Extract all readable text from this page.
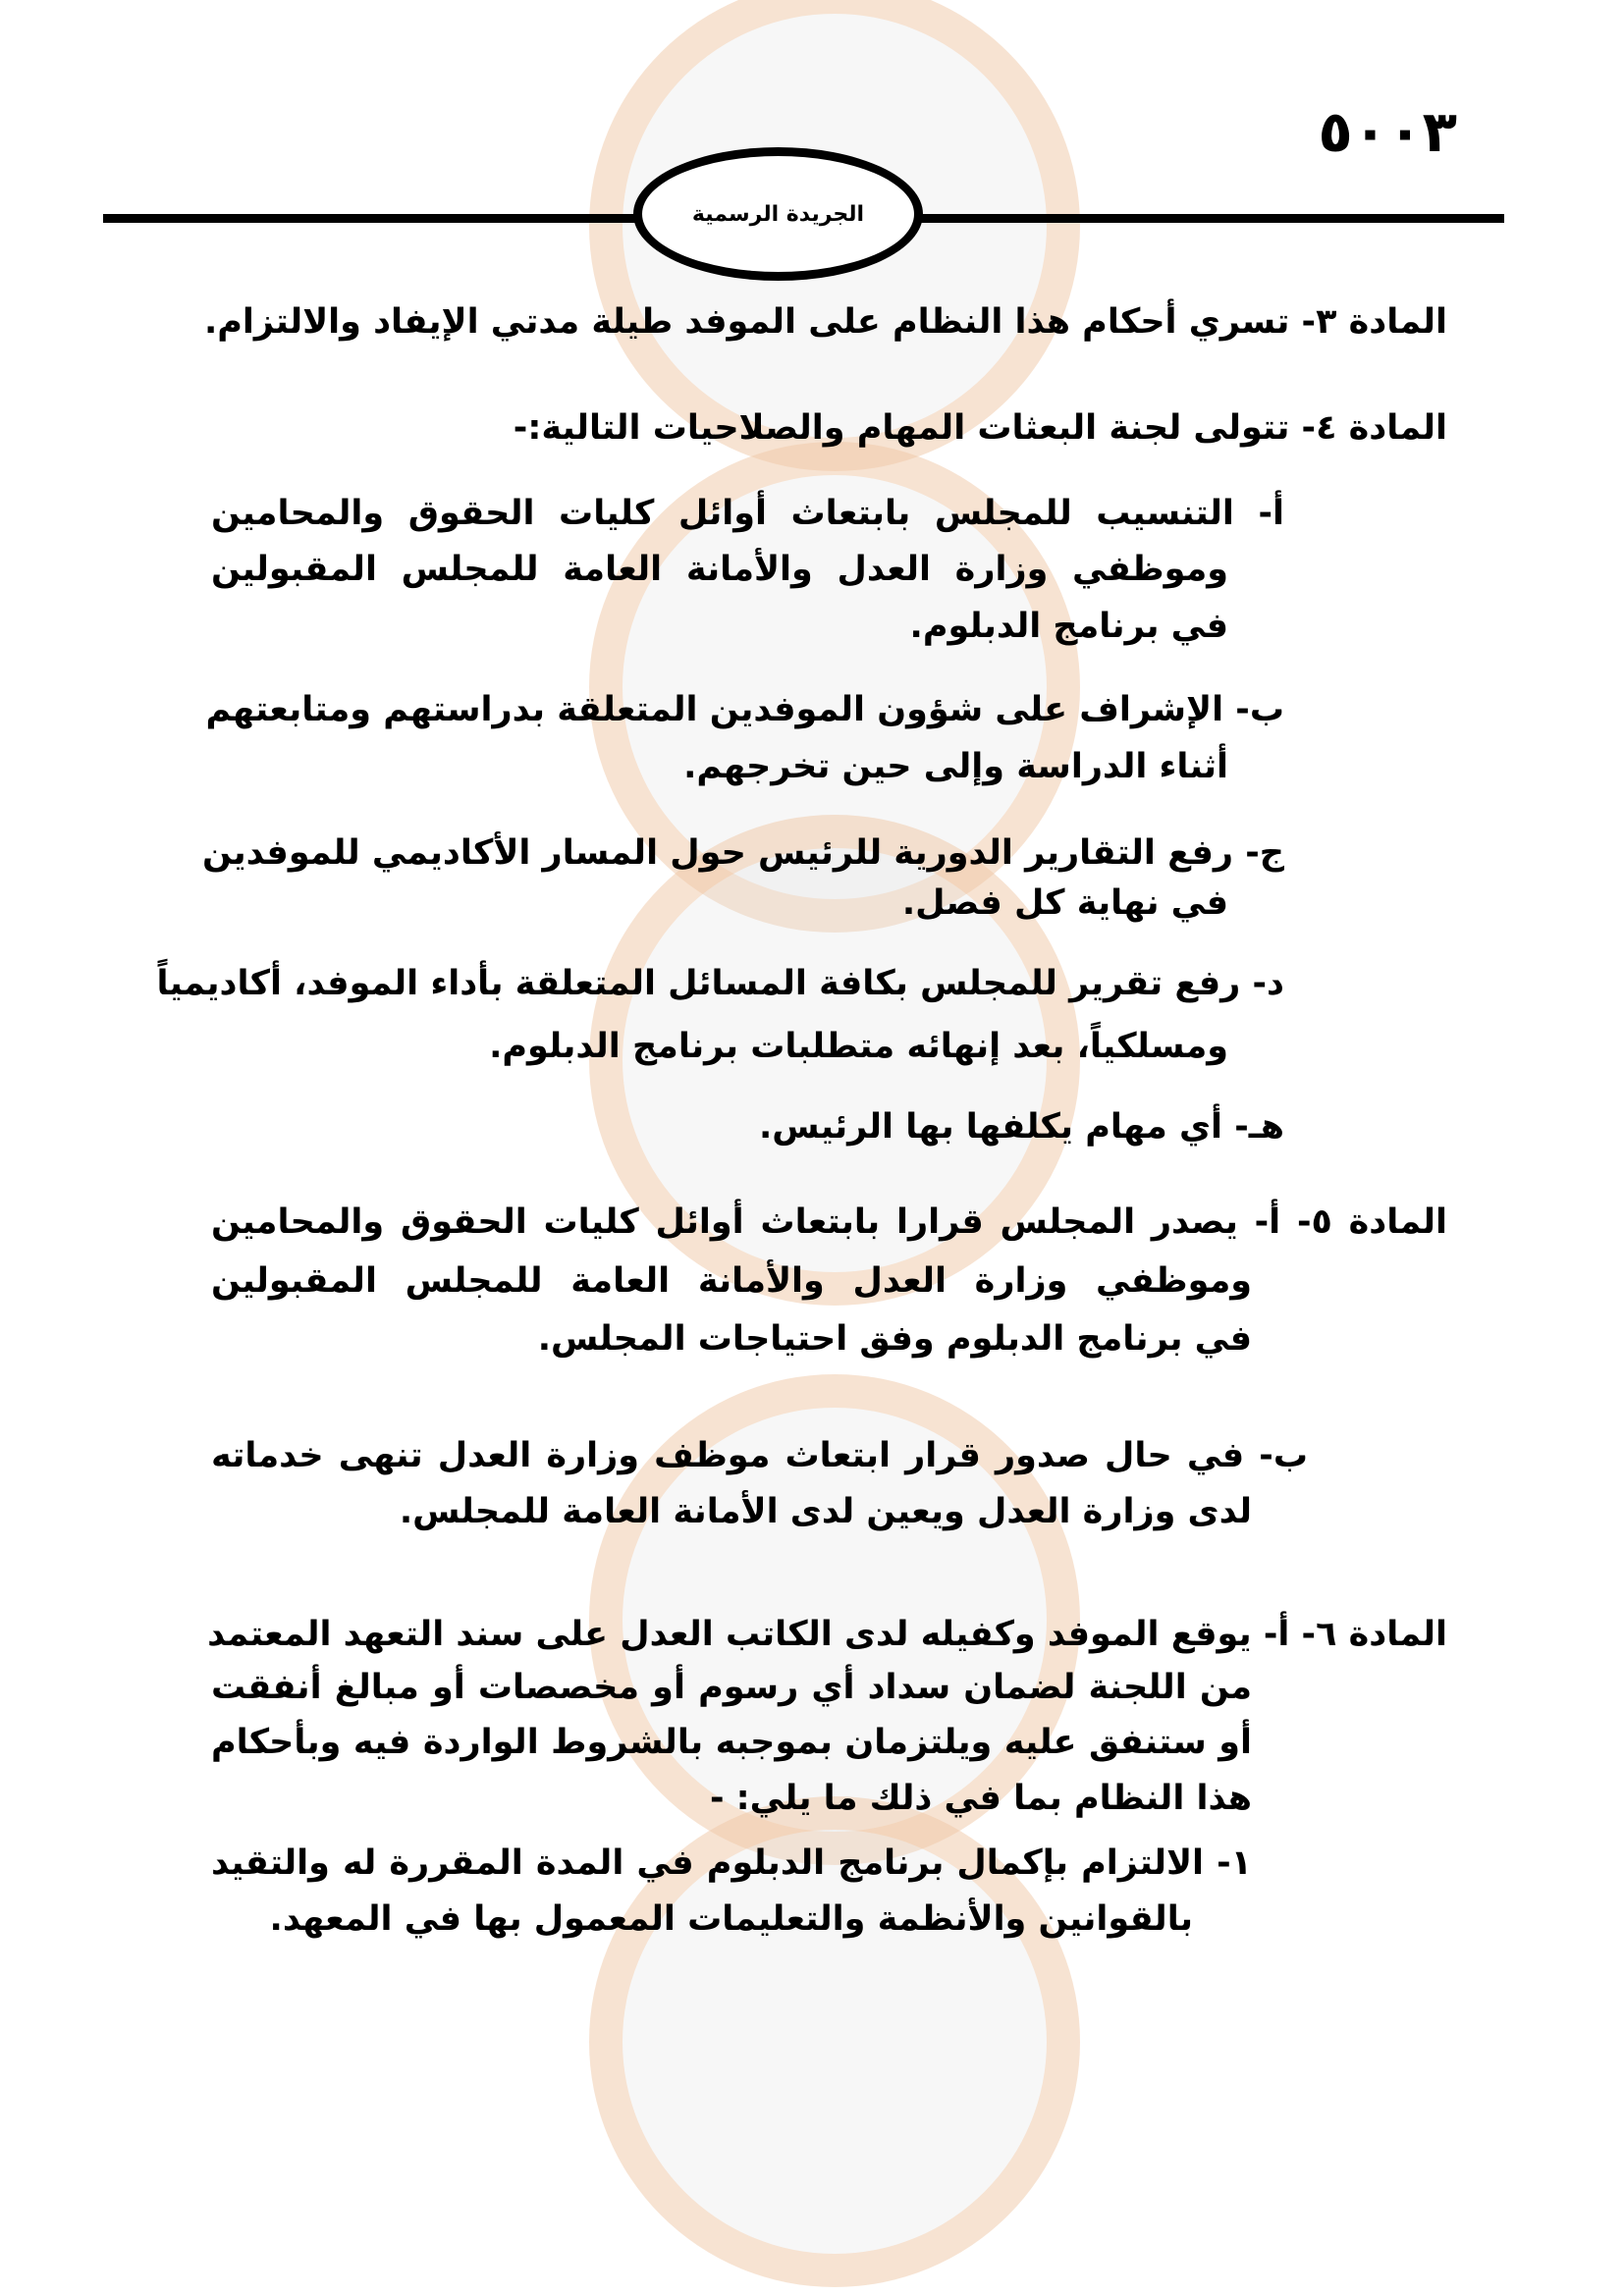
٥٠٠٣
الجريدة الرسمية
المادة ٣- تسري أحكام هذا النظام على الموفد طيلة مدتي الإيفاد والالتزام.
المادة ٤- تتولى لجنة البعثات المهام والصلاحيات التالية:-
أ- التنسيب للمجلس بابتعاث أوائل كليات الحقوق والمحامين
وموظفي وزارة العدل والأمانة العامة للمجلس المقبولين
في برنامج الدبلوم.
ب- الإشراف على شؤون الموفدين المتعلقة بدراستهم ومتابعتهم
أثناء الدراسة وإلى حين تخرجهم.
ج- رفع التقارير الدورية للرئيس حول المسار الأكاديمي للموفدين
في نهاية كل فصل.
د- رفع تقرير للمجلس بكافة المسائل المتعلقة بأداء الموفد، أكاديمياً
ومسلكياً، بعد إنهائه متطلبات برنامج الدبلوم.
هـ- أي مهام يكلفها بها الرئيس.
المادة ٥- أ- يصدر المجلس قرارا بابتعاث أوائل كليات الحقوق والمحامين
وموظفي وزارة العدل والأمانة العامة للمجلس المقبولين
في برنامج الدبلوم وفق احتياجات المجلس.
ب- في حال صدور قرار ابتعاث موظف وزارة العدل تنهى خدماته
لدى وزارة العدل ويعين لدى الأمانة العامة للمجلس.
المادة ٦- أ- يوقع الموفد وكفيله لدى الكاتب العدل على سند التعهد المعتمد
من اللجنة لضمان سداد أي رسوم أو مخصصات أو مبالغ أنفقت
أو ستنفق عليه ويلتزمان بموجبه بالشروط الواردة فيه وبأحكام
هذا النظام بما في ذلك ما يلي: -
١- الالتزام بإكمال برنامج الدبلوم في المدة المقررة له والتقيد
بالقوانين والأنظمة والتعليمات المعمول بها في المعهد.
